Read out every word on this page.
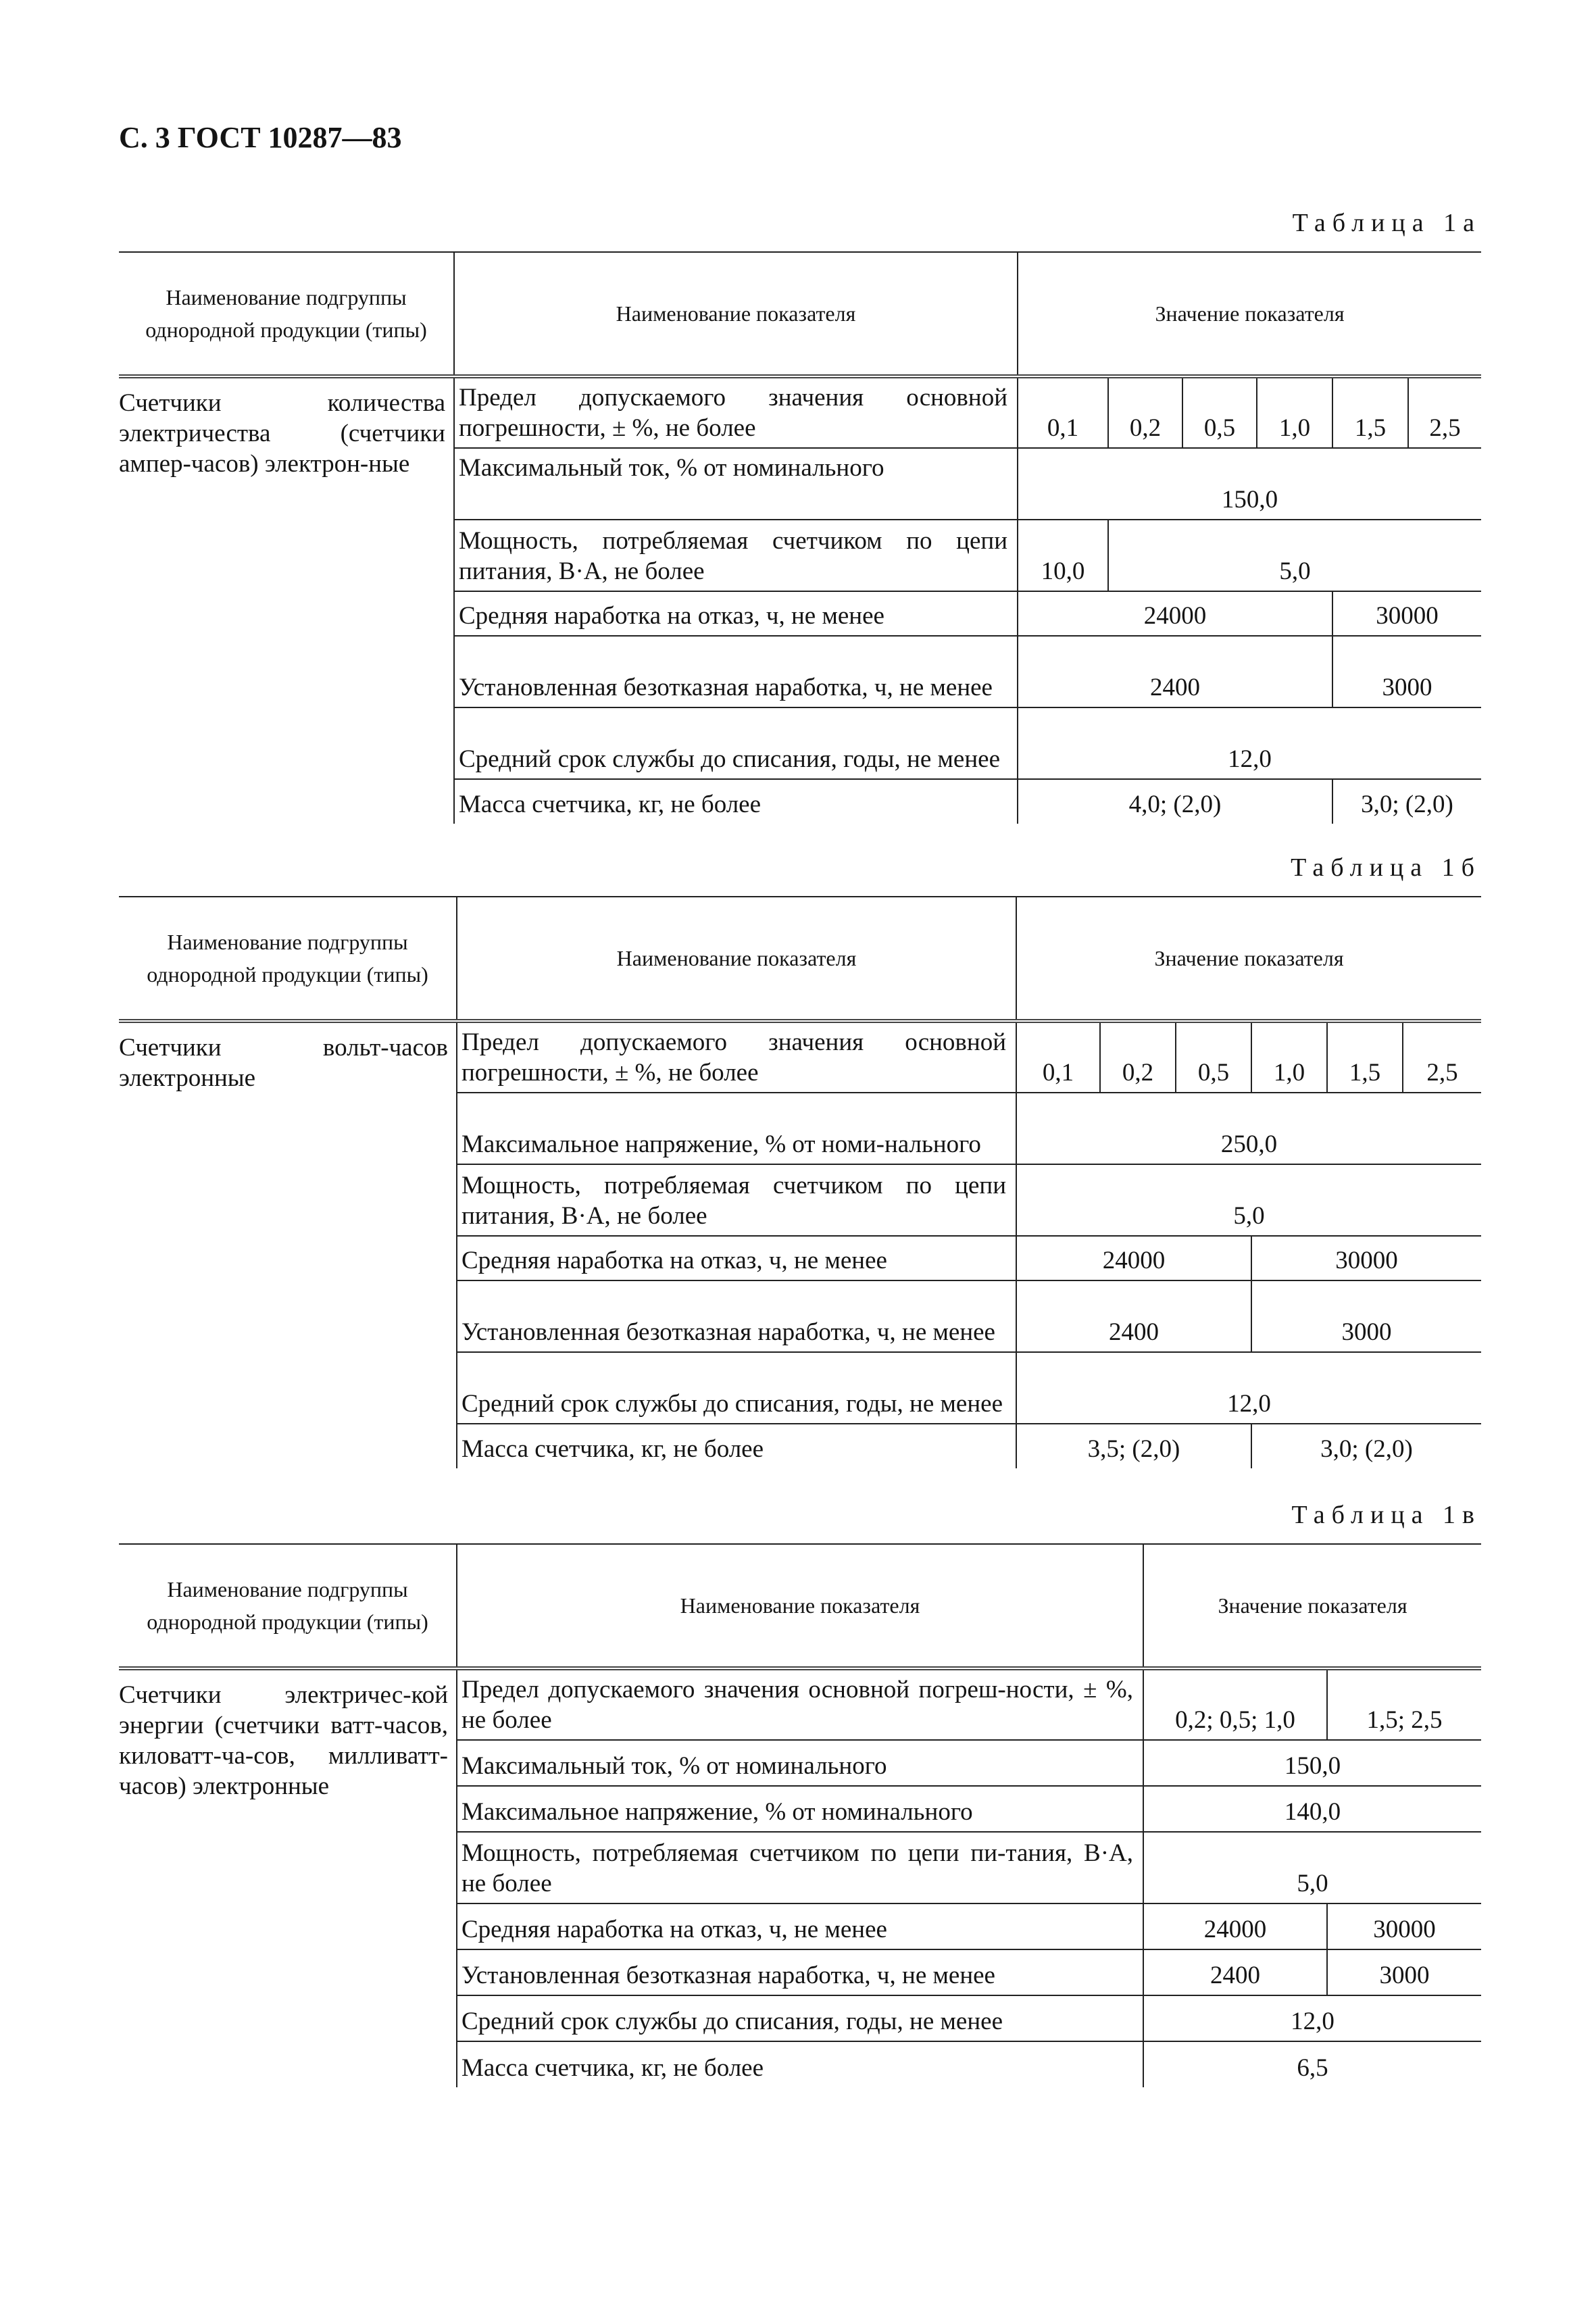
С. 3 ГОСТ 10287—83
Таблица 1а
Наименование подгруппы однородной продукции (типы)	Наименование показателя	Значение показателя					
Счетчики количества электричества (счетчики ампер-часов) электрон-ные	Предел допускаемого значения основной погрешности, ± %, не более	0,1	0,2	0,5	1,0	1,5	2,5
	Максимальный ток, % от номинального	150,0					
	Мощность, потребляемая счетчиком по цепи питания, В·А, не более	10,0	5,0				
	Средняя наработка на отказ, ч, не менее	24000				30000	
	Установленная безотказная наработка, ч, не менее	2400				3000	
	Средний срок службы до списания, годы, не менее	12,0					
	Масса счетчика, кг, не более	4,0; (2,0)				3,0; (2,0)	
Таблица 1б
Наименование подгруппы однородной продукции (типы)	Наименование показателя	Значение показателя					
Счетчики вольт-часов электронные	Предел допускаемого значения основной погрешности, ± %, не более	0,1	0,2	0,5	1,0	1,5	2,5
	Максимальное напряжение, % от номи-нального	250,0					
	Мощность, потребляемая счетчиком по цепи питания, В·А, не более	5,0					
	Средняя наработка на отказ, ч, не менее	24000			30000		
	Установленная безотказная наработка, ч, не менее	2400			3000		
	Средний срок службы до списания, годы, не менее	12,0					
	Масса счетчика, кг, не более	3,5; (2,0)			3,0; (2,0)		
Таблица 1в
Наименование подгруппы однородной продукции (типы)	Наименование показателя	Значение показателя	
Счетчики электричес-кой энергии (счетчики ватт-часов, киловатт-ча-сов, милливатт-часов) электронные	Предел допускаемого значения основной погреш-ности, ± %, не более	0,2; 0,5; 1,0	1,5; 2,5
	Максимальный ток, % от номинального	150,0	
	Максимальное напряжение, % от номинального	140,0	
	Мощность, потребляемая счетчиком по цепи пи-тания, В·А, не более	5,0	
	Средняя наработка на отказ, ч, не менее	24000	30000
	Установленная безотказная наработка, ч, не менее	2400	3000
	Средний срок службы до списания, годы, не менее	12,0	
	Масса счетчика, кг, не более	6,5	
